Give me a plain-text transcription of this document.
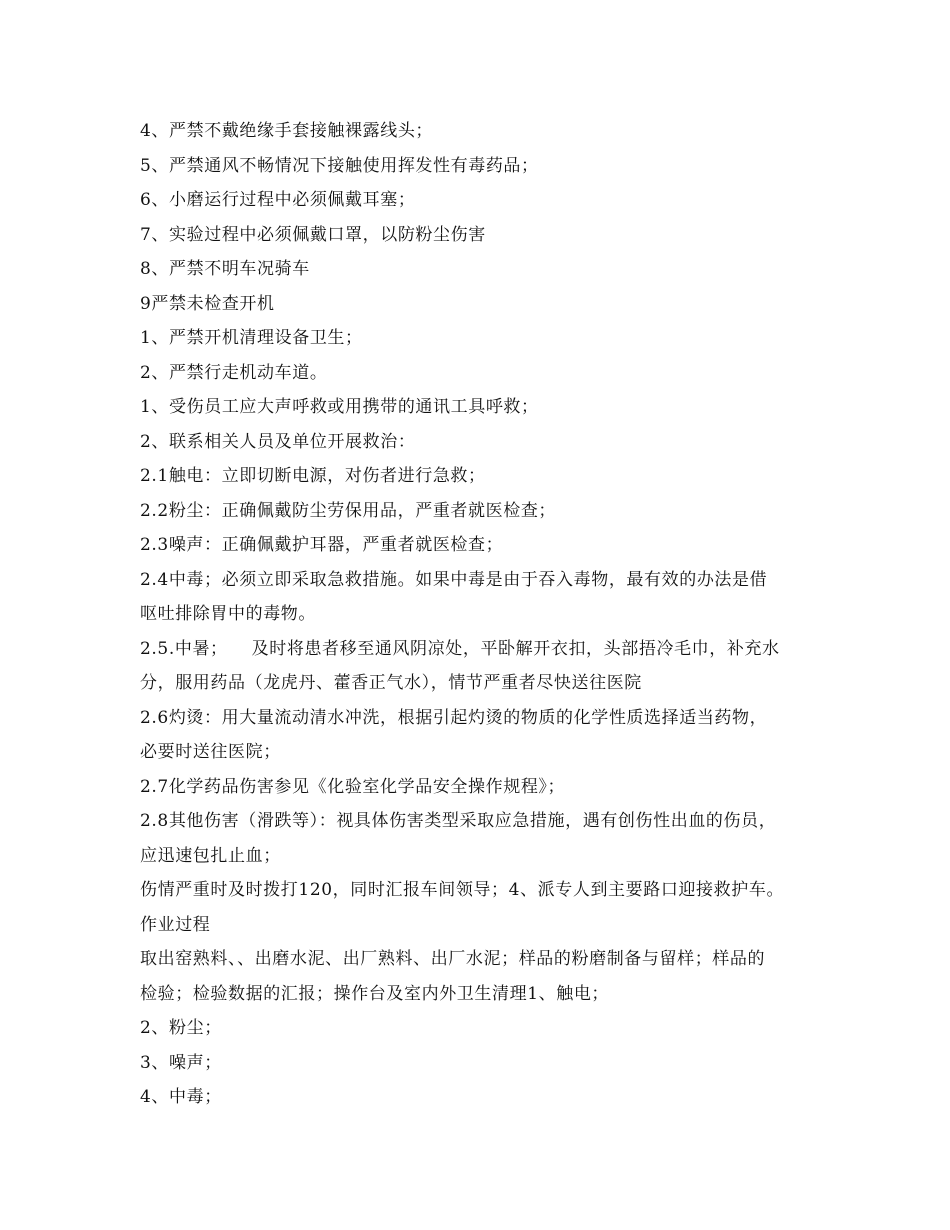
4、严禁不戴绝缘手套接触裸露线头；
5、严禁通风不畅情况下接触使用挥发性有毒药品；
6、小磨运行过程中必须佩戴耳塞；
7、实验过程中必须佩戴口罩，以防粉尘伤害
8、严禁不明车况骑车
9严禁未检查开机
1、严禁开机清理设备卫生；
2、严禁行走机动车道。
1、受伤员工应大声呼救或用携带的通讯工具呼救；
2、联系相关人员及单位开展救治：
2.1触电：立即切断电源，对伤者进行急救；
2.2粉尘：正确佩戴防尘劳保用品，严重者就医检查；
2.3噪声：正确佩戴护耳器，严重者就医检查；
2.4中毒；必须立即采取急救措施。如果中毒是由于吞入毒物，最有效的办法是借
呕吐排除胃中的毒物。
2.5.中暑；    及时将患者移至通风阴凉处，平卧解开衣扣，头部捂冷毛巾，补充水
分，服用药品（龙虎丹、藿香正气水），情节严重者尽快送往医院
2.6灼烫：用大量流动清水冲洗，根据引起灼烫的物质的化学性质选择适当药物，
必要时送往医院；
2.7化学药品伤害参见《化验室化学品安全操作规程》；
2.8其他伤害（滑跌等）：视具体伤害类型采取应急措施，遇有创伤性出血的伤员，
应迅速包扎止血；
伤情严重时及时拨打120，同时汇报车间领导；4、派专人到主要路口迎接救护车。
作业过程
取出窑熟料、、出磨水泥、出厂熟料、出厂水泥；样品的粉磨制备与留样；样品的
检验；检验数据的汇报；操作台及室内外卫生清理1、触电；
2、粉尘；
3、噪声；
4、中毒；
